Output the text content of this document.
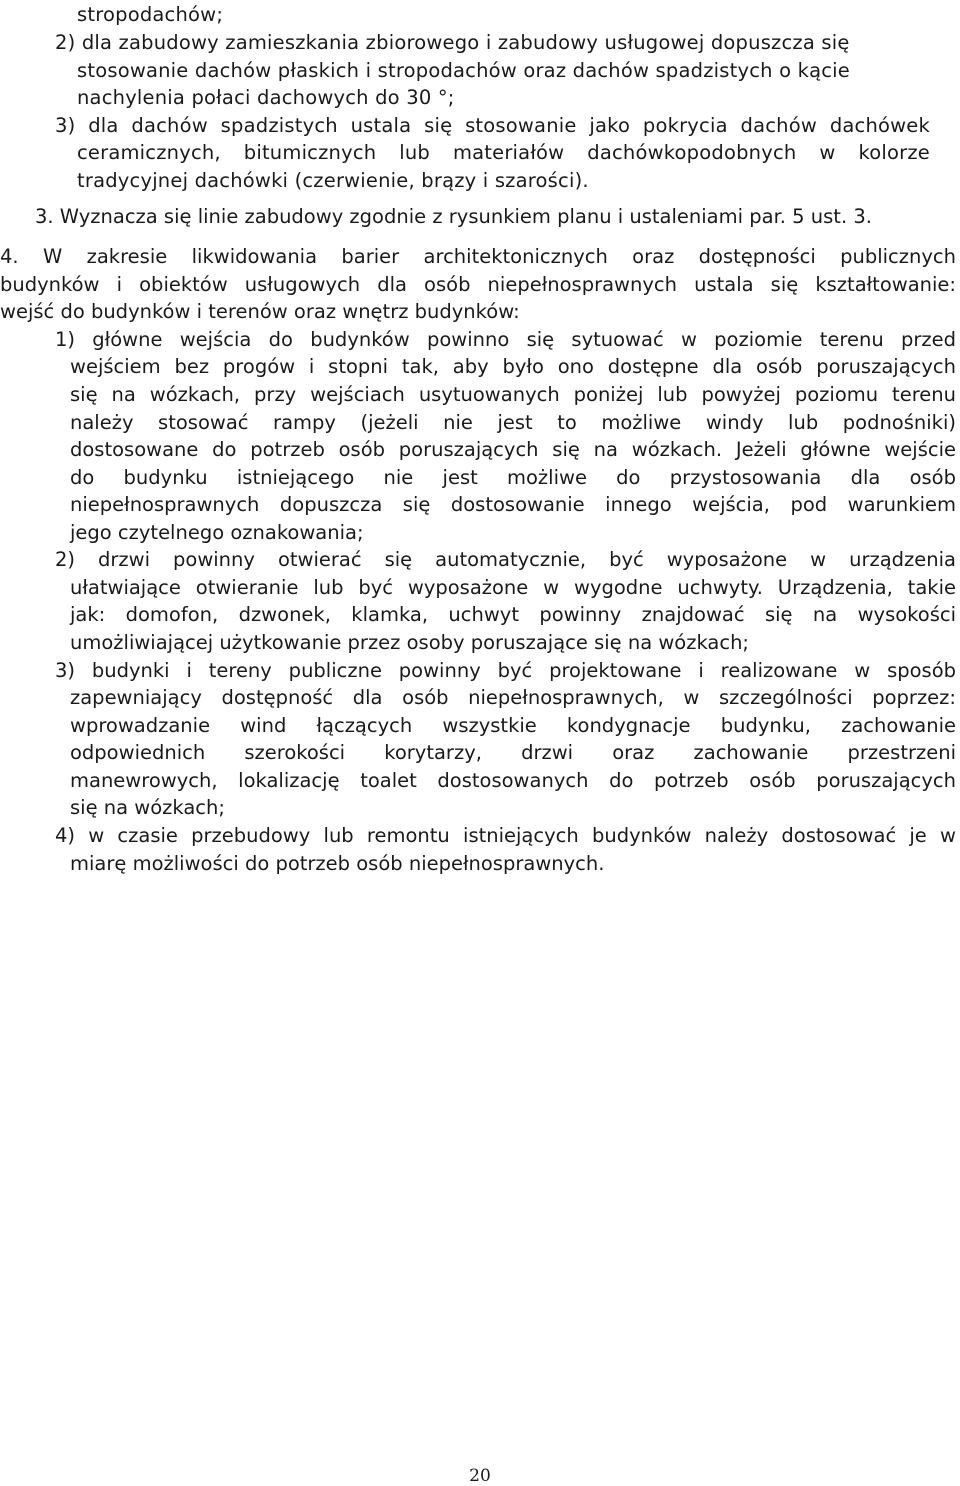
stropodachów;
2) dla zabudowy zamieszkania zbiorowego i zabudowy usługowej dopuszcza się
stosowanie dachów płaskich i stropodachów oraz dachów spadzistych o kącie
nachylenia połaci dachowych do 30 °;
3) dla dachów spadzistych ustala się stosowanie jako pokrycia dachów dachówek
ceramicznych, bitumicznych lub materiałów dachówkopodobnych w kolorze
tradycyjnej dachówki (czerwienie, brązy i szarości).
3. Wyznacza się linie zabudowy zgodnie z rysunkiem planu i ustaleniami par. 5 ust. 3.
4. W zakresie likwidowania barier architektonicznych oraz dostępności publicznych
budynków i obiektów usługowych dla osób niepełnosprawnych ustala się kształtowanie:
wejść do budynków i terenów oraz wnętrz budynków:
1) główne wejścia do budynków powinno się sytuować w poziomie terenu przed
wejściem bez progów i stopni tak, aby było ono dostępne dla osób poruszających
się na wózkach, przy wejściach usytuowanych poniżej lub powyżej poziomu terenu
należy stosować rampy (jeżeli nie jest to możliwe windy lub podnośniki)
dostosowane do potrzeb osób poruszających się na wózkach. Jeżeli główne wejście
do budynku istniejącego nie jest możliwe do przystosowania dla osób
niepełnosprawnych dopuszcza się dostosowanie innego wejścia, pod warunkiem
jego czytelnego oznakowania;
2) drzwi powinny otwierać się automatycznie, być wyposażone w urządzenia
ułatwiające otwieranie lub być wyposażone w wygodne uchwyty. Urządzenia, takie
jak: domofon, dzwonek, klamka, uchwyt powinny znajdować się na wysokości
umożliwiającej użytkowanie przez osoby poruszające się na wózkach;
3) budynki i tereny publiczne powinny być projektowane i realizowane w sposób
zapewniający dostępność dla osób niepełnosprawnych, w szczególności poprzez:
wprowadzanie wind łączących wszystkie kondygnacje budynku, zachowanie
odpowiednich szerokości korytarzy, drzwi oraz zachowanie przestrzeni
manewrowych, lokalizację toalet dostosowanych do potrzeb osób poruszających
się na wózkach;
4) w czasie przebudowy lub remontu istniejących budynków należy dostosować je w
miarę możliwości do potrzeb osób niepełnosprawnych.
20
